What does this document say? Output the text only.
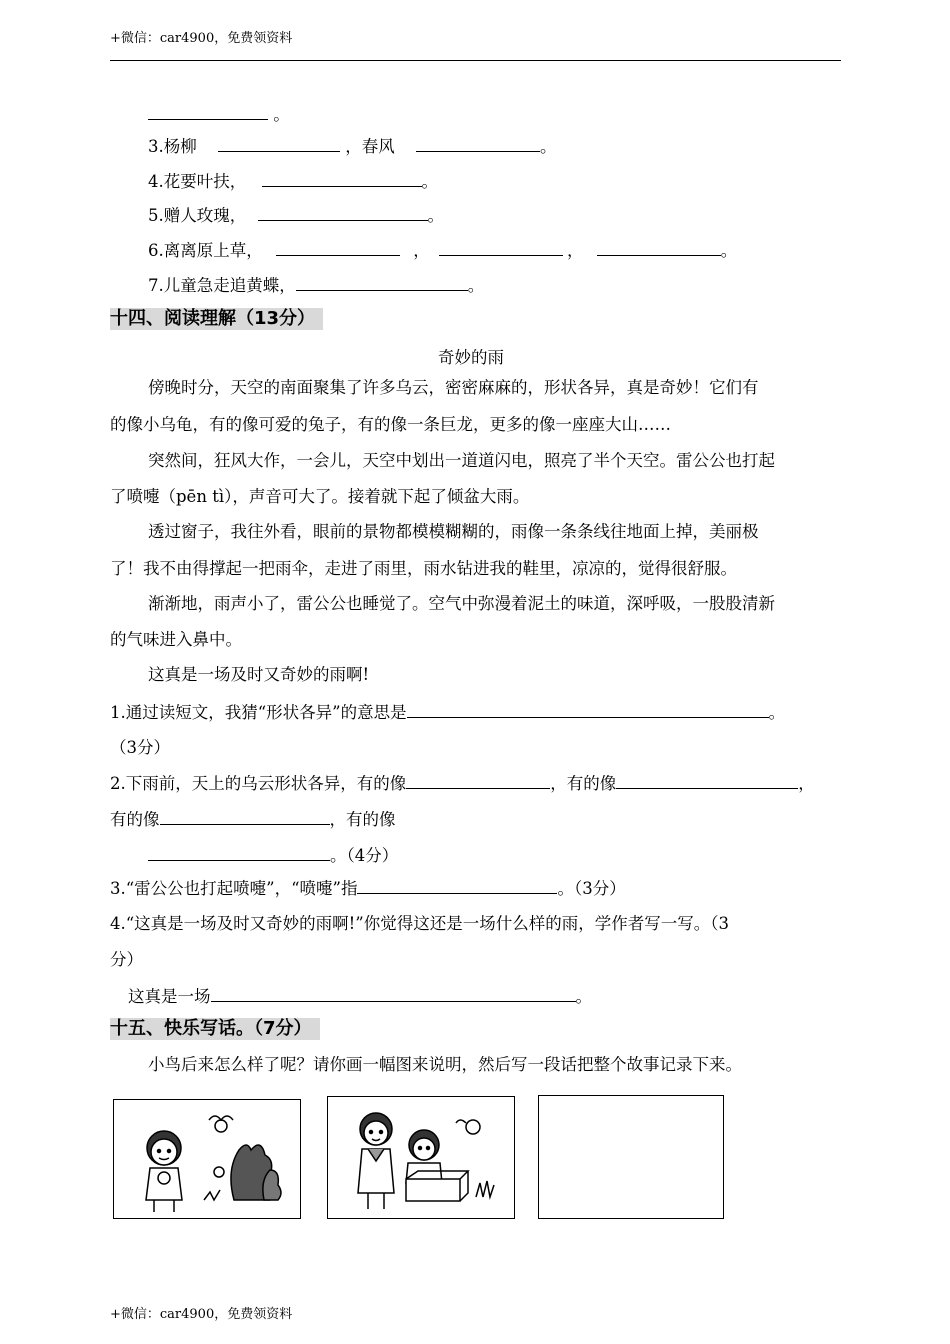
+微信：car4900，免费领资料
。
3.杨柳	，春风	。
4.花要叶扶，	。
5.赠人玫瑰，	。
6.离离原上草，	，	，	。
7.儿童急走追黄蝶，	。
十四、阅读理解（13分）
奇妙的雨
傍晚时分，天空的南面聚集了许多乌云，密密麻麻的，形状各异，真是奇妙！它们有
的像小乌龟，有的像可爱的兔子，有的像一条巨龙，更多的像一座座大山……
突然间，狂风大作，一会儿，天空中划出一道道闪电，照亮了半个天空。雷公公也打起
了喷嚏（pēn tì），声音可大了。接着就下起了倾盆大雨。
透过窗子，我往外看，眼前的景物都模模糊糊的，雨像一条条线往地面上掉，美丽极
了！我不由得撑起一把雨伞，走进了雨里，雨水钻进我的鞋里，凉凉的，觉得很舒服。
渐渐地，雨声小了，雷公公也睡觉了。空气中弥漫着泥土的味道，深呼吸，一股股清新
的气味进入鼻中。
这真是一场及时又奇妙的雨啊!
1.通过读短文，我猜“形状各异”的意思是	。
（3分）
2.下雨前，天上的乌云形状各异，有的像	，有的像	，
有的像	，有的像
。（4分）
3.“雷公公也打起喷嚏”，“喷嚏”指	。（3分）
4.“这真是一场及时又奇妙的雨啊!”你觉得这还是一场什么样的雨，学作者写一写。（3
分）
这真是一场	。
十五、快乐写话。（7分）
小鸟后来怎么样了呢？请你画一幅图来说明，然后写一段话把整个故事记录下来。
+微信：car4900，免费领资料
